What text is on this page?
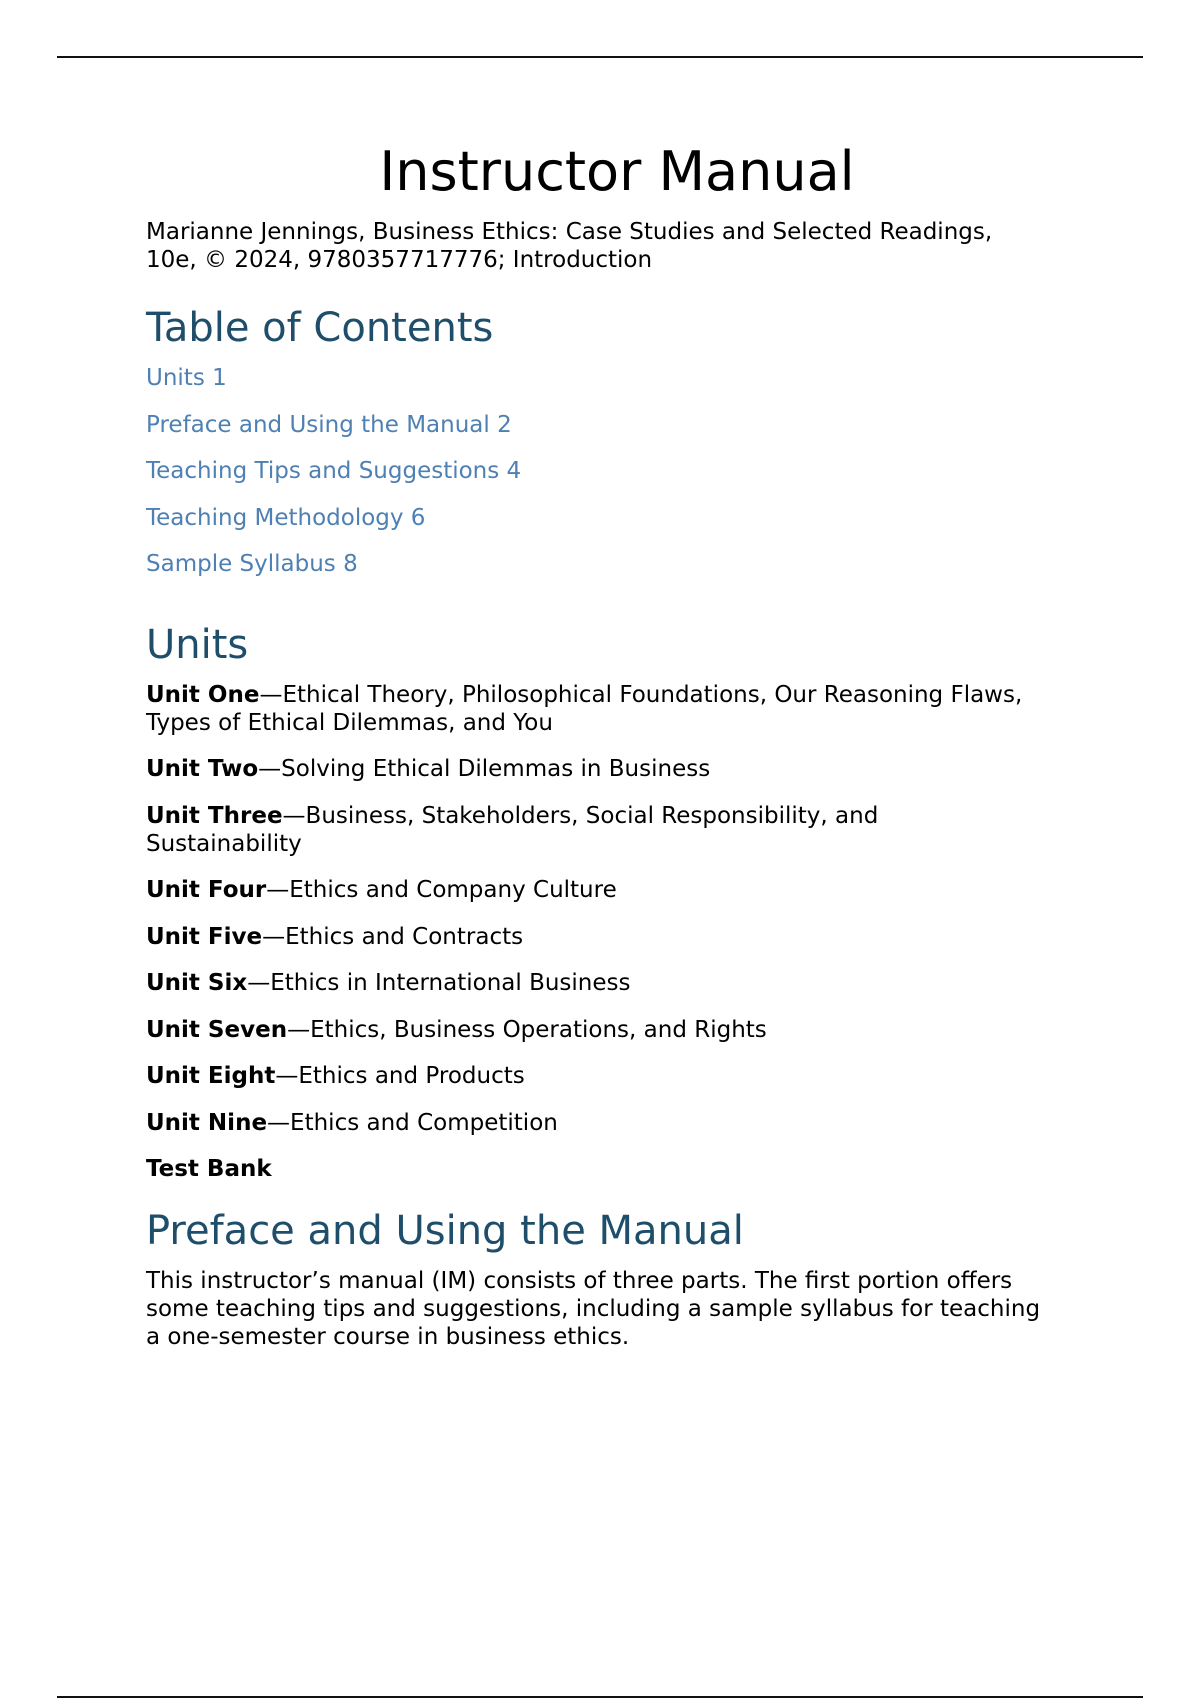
Instructor Manual

Marianne Jennings, Business Ethics: Case Studies and Selected Readings,
10e, © 2024, 9780357717776; Introduction

Table of Contents
Units 1
Preface and Using the Manual 2
Teaching Tips and Suggestions 4
Teaching Methodology 6
Sample Syllabus 8
Units
Unit One—Ethical Theory, Philosophical Foundations, Our Reasoning Flaws,
Types of Ethical Dilemmas, and You
Unit Two—Solving Ethical Dilemmas in Business
Unit Three—Business, Stakeholders, Social Responsibility, and
Sustainability
Unit Four—Ethics and Company Culture
Unit Five—Ethics and Contracts
Unit Six—Ethics in International Business
Unit Seven—Ethics, Business Operations, and Rights
Unit Eight—Ethics and Products
Unit Nine—Ethics and Competition
Test Bank
Preface and Using the Manual

This instructor’s manual (IM) consists of three parts. The first portion offers
some teaching tips and suggestions, including a sample syllabus for teaching
a one-semester course in business ethics.
